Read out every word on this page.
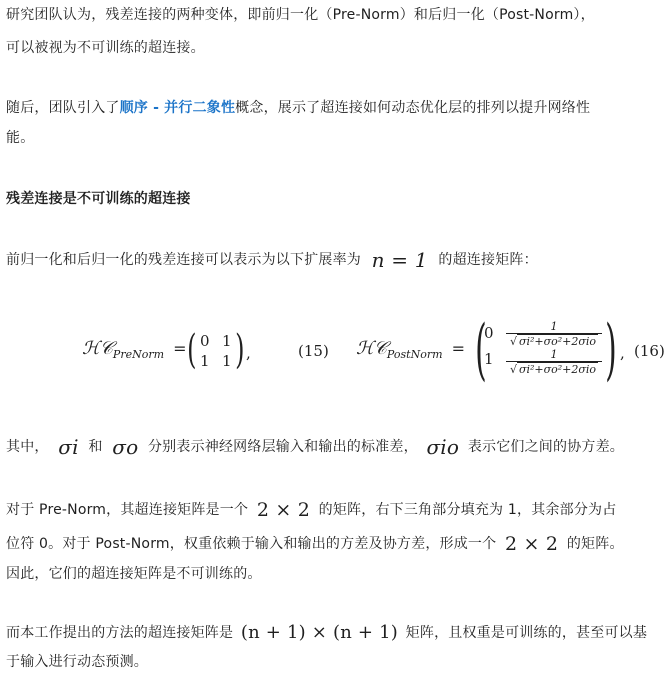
研究团队认为，残差连接的两种变体，即前归一化（Pre-Norm）和后归一化（Post-Norm），
可以被视为不可训练的超连接。
随后，团队引入了顺序 - 并行二象性概念，展示了超连接如何动态优化层的排列以提升网络性
能。
残差连接是不可训练的超连接
前归一化和后归一化的残差连接可以表示为以下扩展率为 n = 1 的超连接矩阵：
ℋ𝒞$_{PreNorm}$ = ( 0 1
1 1 ) ,	(15) ℋ𝒞$_{PostNorm}$ = (
0
1
1
√ σi²+σo²+2σio
1
√ σi²+σo²+2σio ) , (16)
其中， σi 和 σo 分别表示神经网络层输入和输出的标准差， σio 表示它们之间的协方差。
对于 Pre-Norm，其超连接矩阵是一个 2 × 2 的矩阵，右下三角部分填充为 1，其余部分为占
位符 0。对于 Post-Norm，权重依赖于输入和输出的方差及协方差，形成一个 2 × 2 的矩阵。
因此，它们的超连接矩阵是不可训练的。
而本工作提出的方法的超连接矩阵是 (n + 1) × (n + 1) 矩阵，且权重是可训练的，甚至可以基
于输入进行动态预测。
